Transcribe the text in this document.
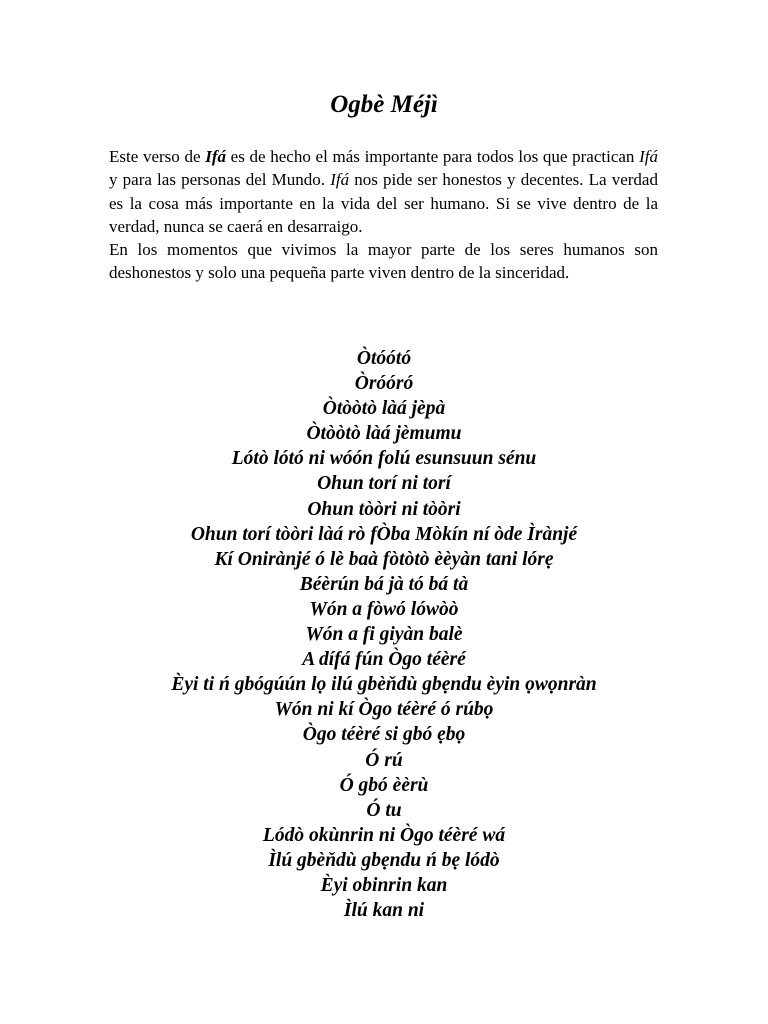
Ogbè Méjì

Este verso de Ifá es de hecho el más importante para todos los que practican Ifá y para las personas del Mundo. Ifá nos pide ser honestos y decentes. La verdad es la cosa más importante en la vida del ser humano. Si se vive dentro de la verdad, nunca se caerá en desarraigo.

En los momentos que vivimos la mayor parte de los seres humanos son deshonestos y solo una pequeña parte viven dentro de la sinceridad.

Òtóótó
Òróóró
Òtòòtò làá jèpà
Òtòòtò làá jèmumu
Lótò lótó ni wóón folú esunsuun sénu
Ohun torí ni torí
Ohun tòòri ni tòòri
Ohun torí tòòri làá rò fÒba Mòkín ní òde Ìrànjé
Kí Onirànjé ó lè baà fòtòtò èèyàn tani lórẹ
Béèrún bá jà tó bá tà
Wón a fòwó lówòò
Wón a fi giyàn balè
A dífá fún Ògo téèré
Èyi ti ń gbógúún lọ ilú gbèňdù gbẹndu èyin ọwọnràn
Wón ni kí Ògo téèré ó rúbọ
Ògo téèré si gbó ẹbọ
Ó rú
Ó gbó èèrù
Ó tu
Lódò okùnrin ni Ògo téèré wá
Ìlú gbèňdù gbẹndu ń bẹ lódò
Èyi obinrin kan
Ìlú kan ni
